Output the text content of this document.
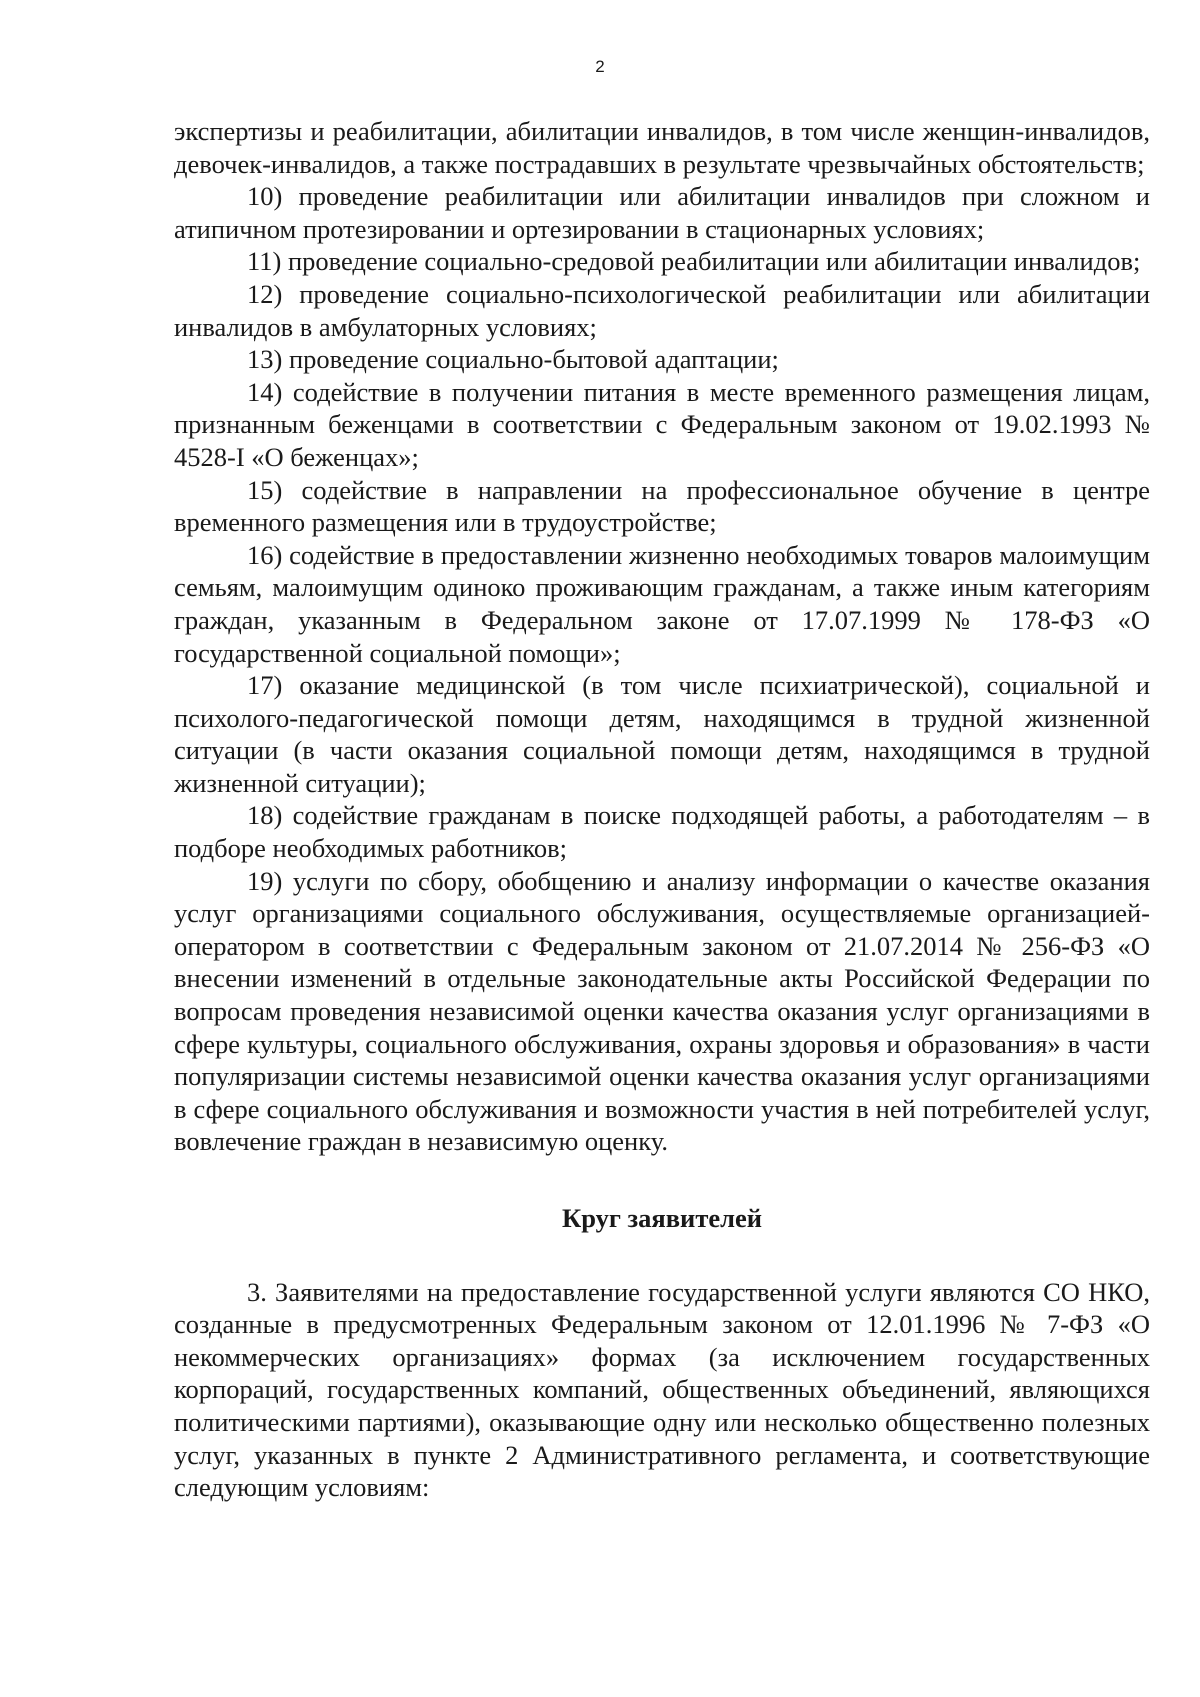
2

экспертизы и реабилитации, абилитации инвалидов, в том числе женщин-инвалидов, девочек-инвалидов, а также пострадавших в результате чрезвычайных обстоятельств;

10) проведение реабилитации или абилитации инвалидов при сложном и атипичном протезировании и ортезировании в стационарных условиях;

11) проведение социально-средовой реабилитации или абилитации инвалидов;

12) проведение социально-психологической реабилитации или абилитации инвалидов в амбулаторных условиях;

13) проведение социально-бытовой адаптации;

14) содействие в получении питания в месте временного размещения лицам, признанным беженцами в соответствии с Федеральным законом от 19.02.1993 № 4528-I «О беженцах»;

15) содействие в направлении на профессиональное обучение в центре временного размещения или в трудоустройстве;

16) содействие в предоставлении жизненно необходимых товаров малоимущим семьям, малоимущим одиноко проживающим гражданам, а также иным категориям граждан, указанным в Федеральном законе от 17.07.1999 № 178-ФЗ «О государственной социальной помощи»;

17) оказание медицинской (в том числе психиатрической), социальной и психолого-педагогической помощи детям, находящимся в трудной жизненной ситуации (в части оказания социальной помощи детям, находящимся в трудной жизненной ситуации);

18) содействие гражданам в поиске подходящей работы, а работодателям – в подборе необходимых работников;

19) услуги по сбору, обобщению и анализу информации о качестве оказания услуг организациями социального обслуживания, осуществляемые организацией-оператором в соответствии с Федеральным законом от 21.07.2014 № 256-ФЗ «О внесении изменений в отдельные законодательные акты Российской Федерации по вопросам проведения независимой оценки качества оказания услуг организациями в сфере культуры, социального обслуживания, охраны здоровья и образования» в части популяризации системы независимой оценки качества оказания услуг организациями в сфере социального обслуживания и возможности участия в ней потребителей услуг, вовлечение граждан в независимую оценку.

Круг заявителей

3. Заявителями на предоставление государственной услуги являются СО НКО, созданные в предусмотренных Федеральным законом от 12.01.1996 № 7-ФЗ «О некоммерческих организациях» формах (за исключением государственных корпораций, государственных компаний, общественных объединений, являющихся политическими партиями), оказывающие одну или несколько общественно полезных услуг, указанных в пункте 2 Административного регламента, и соответствующие следующим условиям:
